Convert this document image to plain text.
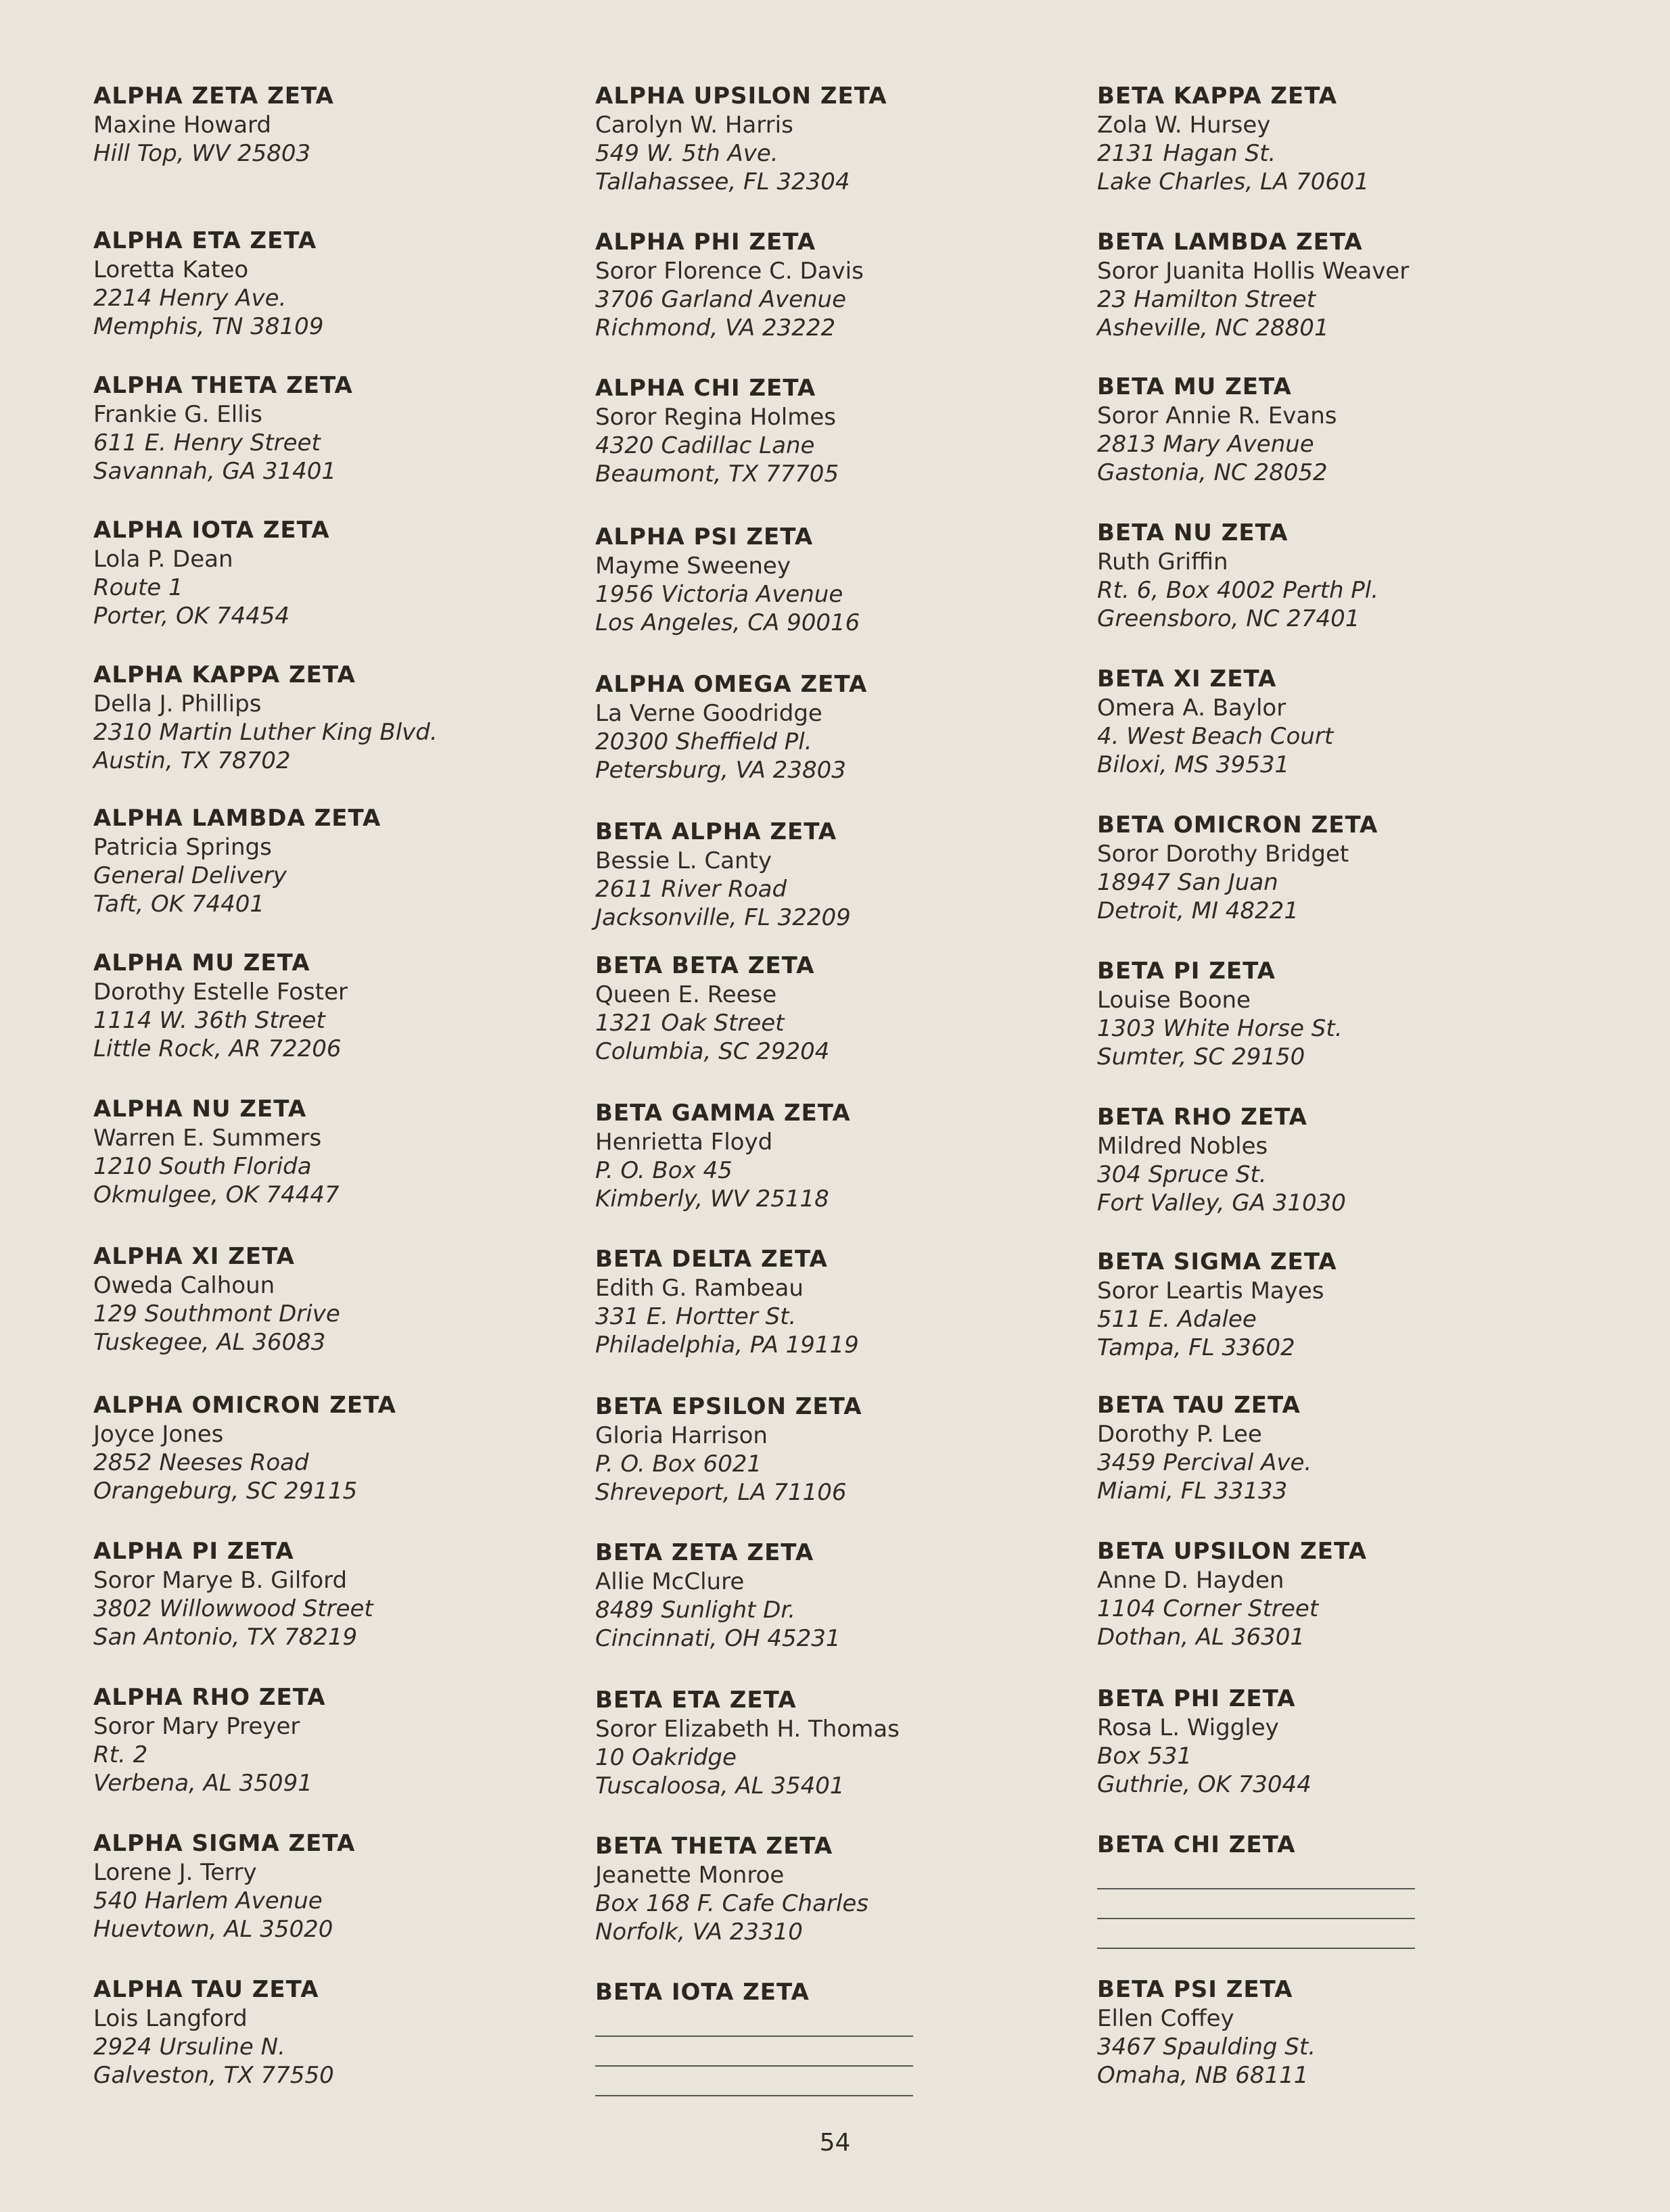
ALPHA ZETA ZETA
Maxine Howard
Hill Top, WV 25803
ALPHA ETA ZETA
Loretta Kateo
2214 Henry Ave.
Memphis, TN 38109
ALPHA THETA ZETA
Frankie G. Ellis
611 E. Henry Street
Savannah, GA 31401
ALPHA IOTA ZETA
Lola P. Dean
Route 1
Porter, OK 74454
ALPHA KAPPA ZETA
Della J. Phillips
2310 Martin Luther King Blvd.
Austin, TX 78702
ALPHA LAMBDA ZETA
Patricia Springs
General Delivery
Taft, OK 74401
ALPHA MU ZETA
Dorothy Estelle Foster
1114 W. 36th Street
Little Rock, AR 72206
ALPHA NU ZETA
Warren E. Summers
1210 South Florida
Okmulgee, OK 74447
ALPHA XI ZETA
Oweda Calhoun
129 Southmont Drive
Tuskegee, AL 36083
ALPHA OMICRON ZETA
Joyce Jones
2852 Neeses Road
Orangeburg, SC 29115
ALPHA PI ZETA
Soror Marye B. Gilford
3802 Willowwood Street
San Antonio, TX 78219
ALPHA RHO ZETA
Soror Mary Preyer
Rt. 2
Verbena, AL 35091
ALPHA SIGMA ZETA
Lorene J. Terry
540 Harlem Avenue
Huevtown, AL 35020
ALPHA TAU ZETA
Lois Langford
2924 Ursuline N.
Galveston, TX 77550
ALPHA UPSILON ZETA
Carolyn W. Harris
549 W. 5th Ave.
Tallahassee, FL 32304
ALPHA PHI ZETA
Soror Florence C. Davis
3706 Garland Avenue
Richmond, VA 23222
ALPHA CHI ZETA
Soror Regina Holmes
4320 Cadillac Lane
Beaumont, TX 77705
ALPHA PSI ZETA
Mayme Sweeney
1956 Victoria Avenue
Los Angeles, CA 90016
ALPHA OMEGA ZETA
La Verne Goodridge
20300 Sheffield Pl.
Petersburg, VA 23803
BETA ALPHA ZETA
Bessie L. Canty
2611 River Road
Jacksonville, FL 32209
BETA BETA ZETA
Queen E. Reese
1321 Oak Street
Columbia, SC 29204
BETA GAMMA ZETA
Henrietta Floyd
P. O. Box 45
Kimberly, WV 25118
BETA DELTA ZETA
Edith G. Rambeau
331 E. Hortter St.
Philadelphia, PA 19119
BETA EPSILON ZETA
Gloria Harrison
P. O. Box 6021
Shreveport, LA 71106
BETA ZETA ZETA
Allie McClure
8489 Sunlight Dr.
Cincinnati, OH 45231
BETA ETA ZETA
Soror Elizabeth H. Thomas
10 Oakridge
Tuscaloosa, AL 35401
BETA THETA ZETA
Jeanette Monroe
Box 168 F. Cafe Charles
Norfolk, VA 23310
BETA IOTA ZETA
BETA KAPPA ZETA
Zola W. Hursey
2131 Hagan St.
Lake Charles, LA 70601
BETA LAMBDA ZETA
Soror Juanita Hollis Weaver
23 Hamilton Street
Asheville, NC 28801
BETA MU ZETA
Soror Annie R. Evans
2813 Mary Avenue
Gastonia, NC 28052
BETA NU ZETA
Ruth Griffin
Rt. 6, Box 4002 Perth Pl.
Greensboro, NC 27401
BETA XI ZETA
Omera A. Baylor
4. West Beach Court
Biloxi, MS 39531
BETA OMICRON ZETA
Soror Dorothy Bridget
18947 San Juan
Detroit, MI 48221
BETA PI ZETA
Louise Boone
1303 White Horse St.
Sumter, SC 29150
BETA RHO ZETA
Mildred Nobles
304 Spruce St.
Fort Valley, GA 31030
BETA SIGMA ZETA
Soror Leartis Mayes
511 E. Adalee
Tampa, FL 33602
BETA TAU ZETA
Dorothy P. Lee
3459 Percival Ave.
Miami, FL 33133
BETA UPSILON ZETA
Anne D. Hayden
1104 Corner Street
Dothan, AL 36301
BETA PHI ZETA
Rosa L. Wiggley
Box 531
Guthrie, OK 73044
BETA CHI ZETA
BETA PSI ZETA
Ellen Coffey
3467 Spaulding St.
Omaha, NB 68111
54
